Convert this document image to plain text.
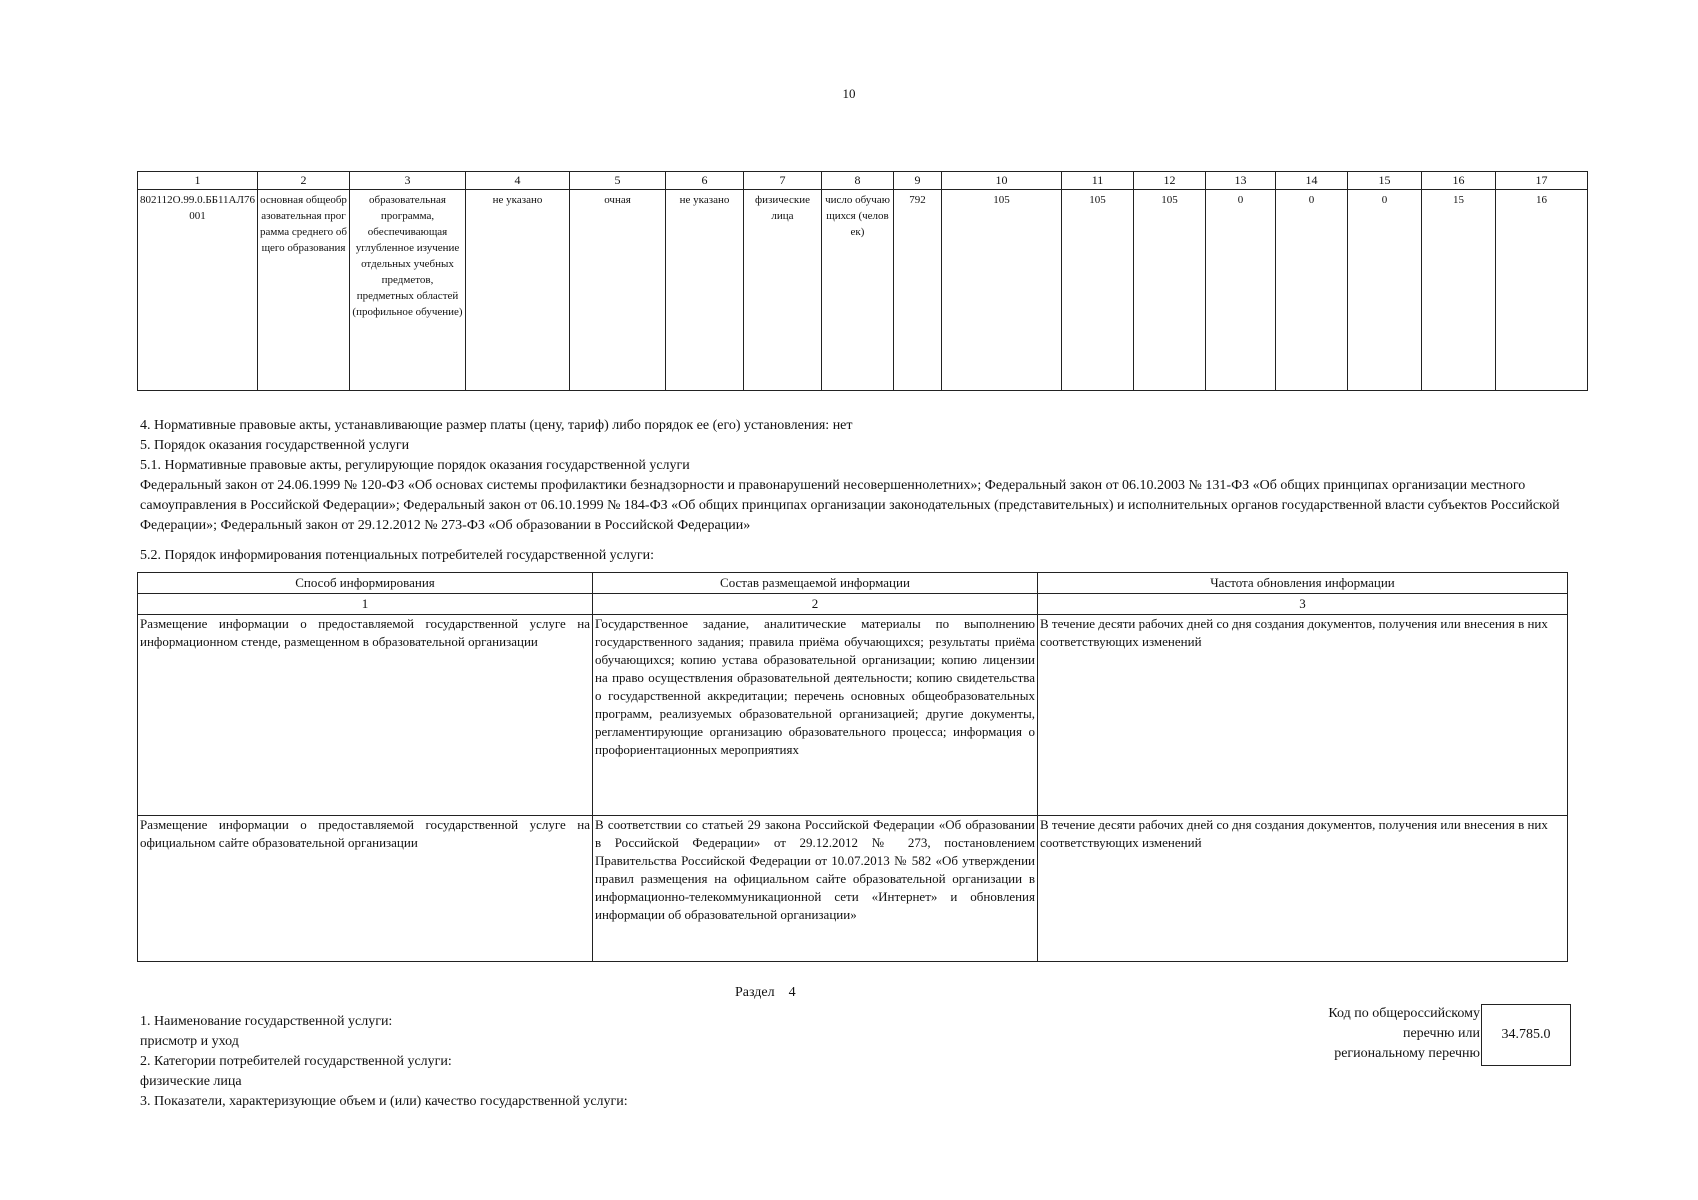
10
1	2	3	4	5	6	7	8	9	10	11	12	13	14	15	16	17
802112О.99.0.ББ11АЛ76001	основная общеобразовательная программа среднего общего образования	образовательная программа, обеспечивающая углубленное изучение отдельных учебных предметов, предметных областей (профильное обучение)	не указано	очная	не указано	физические лица	число обучающихся (человек)	792	105	105	105	0	0	0	15	16
4. Нормативные правовые акты, устанавливающие размер платы (цену, тариф) либо порядок ее (его) установления: нет
5. Порядок оказания государственной услуги
5.1. Нормативные правовые акты, регулирующие порядок оказания государственной услуги
Федеральный закон от 24.06.1999 № 120-ФЗ «Об основах системы профилактики безнадзорности и правонарушений несовершеннолетних»; Федеральный закон от 06.10.2003 № 131-ФЗ «Об общих принципах организации местного самоуправления в Российской Федерации»; Федеральный закон от 06.10.1999 № 184-ФЗ «Об общих принципах организации законодательных (представительных) и исполнительных органов государственной власти субъектов Российской Федерации»; Федеральный закон от 29.12.2012 № 273-ФЗ «Об образовании в Российской Федерации»
5.2. Порядок информирования потенциальных потребителей государственной услуги:
Способ информирования	Состав размещаемой информации	Частота обновления информации
1	2	3
Размещение информации о предоставляемой государственной услуге на информационном стенде, размещенном в образовательной организации	Государственное задание, аналитические материалы по выполнению государственного задания; правила приёма обучающихся; результаты приёма обучающихся; копию устава образовательной организации; копию лицензии на право осуществления образовательной деятельности; копию свидетельства о государственной аккредитации; перечень основных общеобразовательных программ, реализуемых образовательной организацией; другие документы, регламентирующие организацию образовательного процесса; информация о профориентационных мероприятиях	В течение десяти рабочих дней со дня создания документов, получения или внесения в них соответствующих изменений
Размещение информации о предоставляемой государственной услуге на официальном сайте образовательной организации	В соответствии со статьей 29 закона Российской Федерации «Об образовании в Российской Федерации» от 29.12.2012 № 273, постановлением Правительства Российской Федерации от 10.07.2013 № 582 «Об утверждении правил размещения на официальном сайте образовательной организации в информационно-телекоммуникационной сети «Интернет» и обновления информации об образовательной организации»	В течение десяти рабочих дней со дня создания документов, получения или внесения в них соответствующих изменений
Раздел    4
1. Наименование государственной услуги:
присмотр и уход
2. Категории потребителей государственной услуги:
физические лица
3. Показатели, характеризующие объем и (или) качество государственной услуги:
Код по общероссийскому
перечню или
региональному перечню
34.785.0
